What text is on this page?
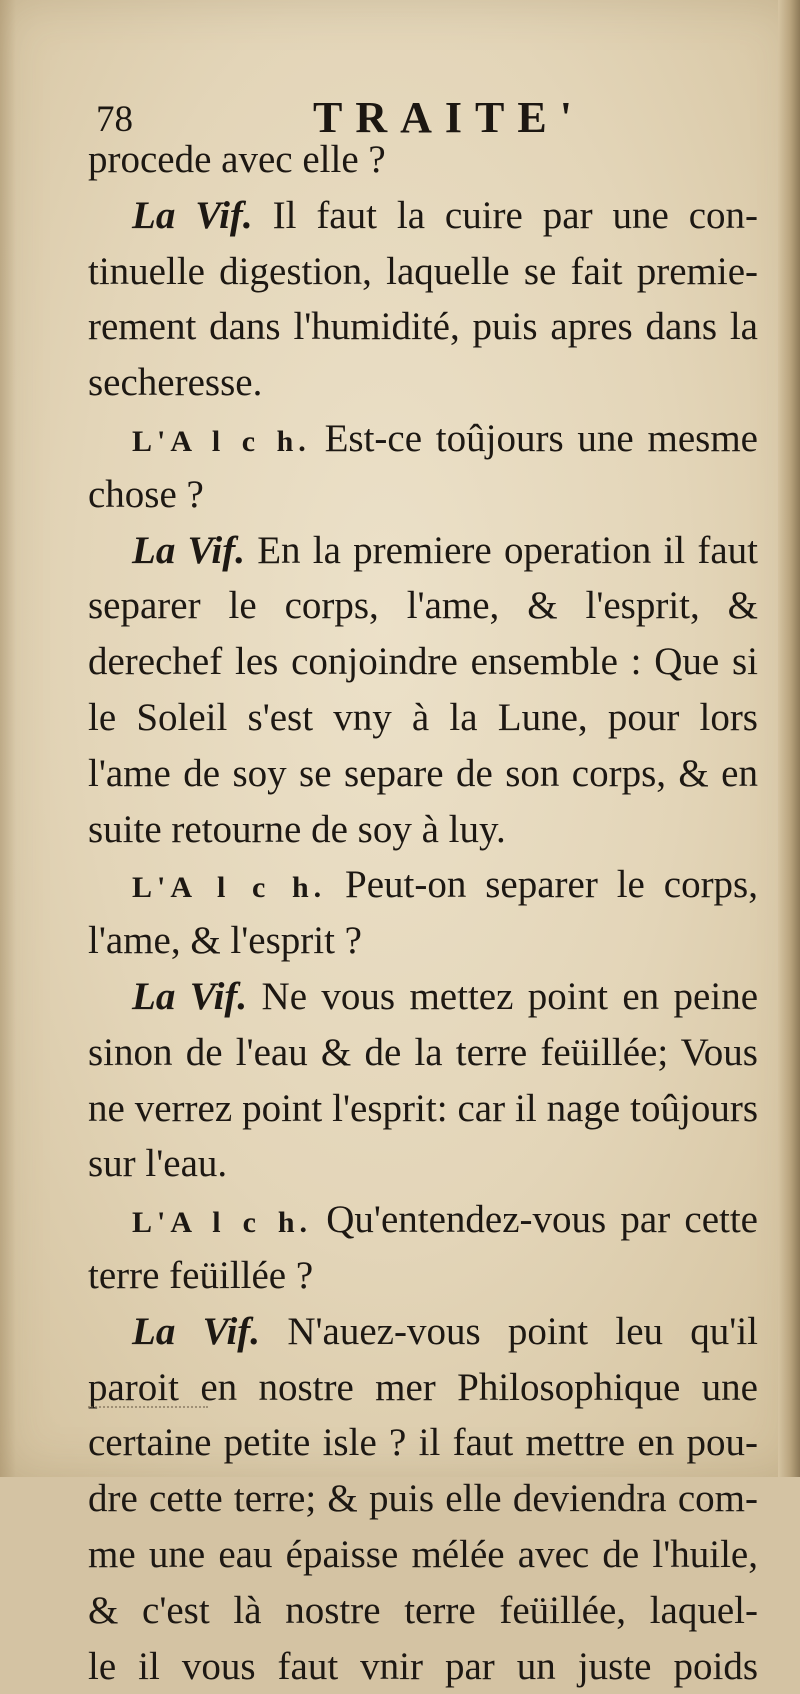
78	TRAITE'
procede avec elle ?
La Vif. Il faut la cuire par une con-
tinuelle digestion, laquelle se fait premie-
rement dans l'humidité, puis apres dans la
secheresse.
L'A l c h. Est-ce toûjours une mesme
chose ?
La Vif. En la premiere operation il faut
separer le corps, l'ame, & l'esprit, &
derechef les conjoindre ensemble : Que si
le Soleil s'est vny à la Lune, pour lors
l'ame de soy se separe de son corps, & en
suite retourne de soy à luy.
L'A l c h. Peut-on separer le corps,
l'ame, & l'esprit ?
La Vif. Ne vous mettez point en peine
sinon de l'eau & de la terre feüillée; Vous
ne verrez point l'esprit: car il nage toûjours
sur l'eau.
L'A l c h. Qu'entendez-vous par cette
terre feüillée ?
La Vif. N'auez-vous point leu qu'il
paroit en nostre mer Philosophique une
certaine petite isle ? il faut mettre en pou-
dre cette terre; & puis elle deviendra com-
me une eau épaisse mélée avec de l'huile,
& c'est là nostre terre feüillée, laquel-
le il vous faut vnir par un juste poids
